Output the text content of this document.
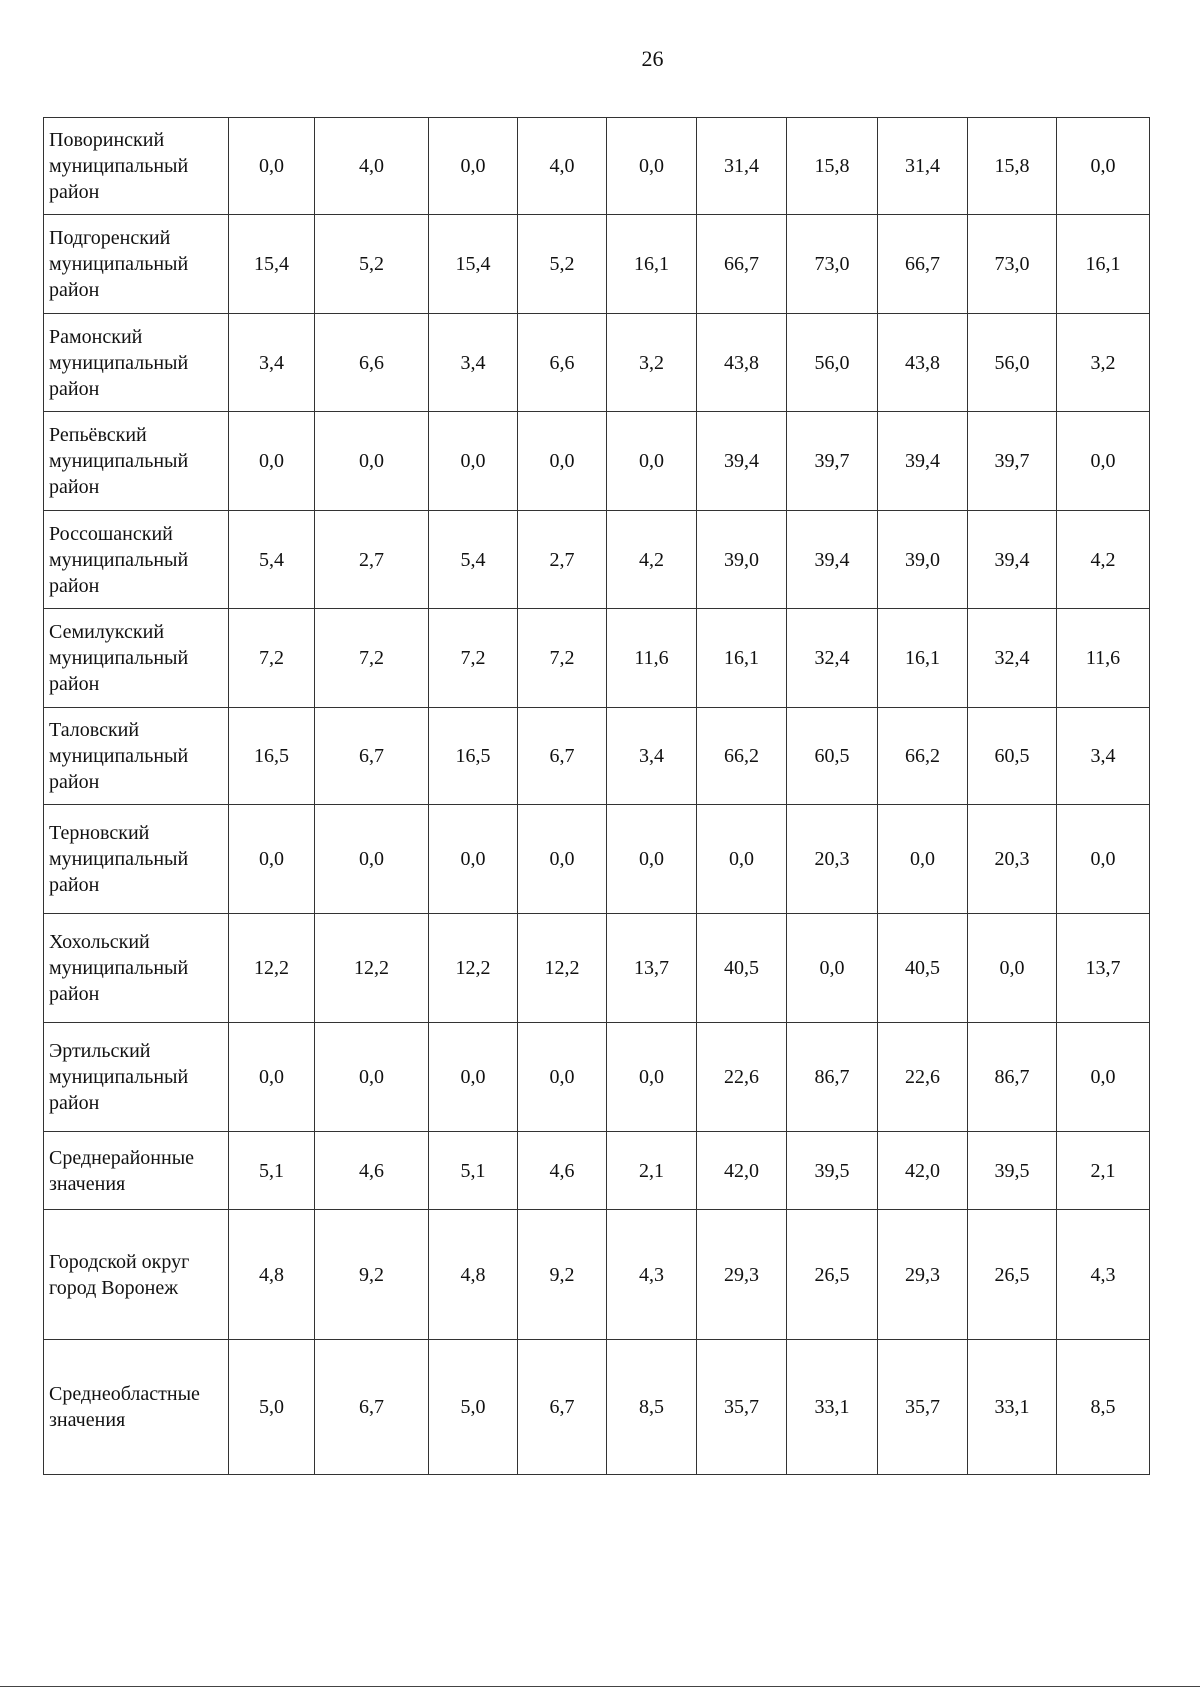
26
Поворинский муниципальный район	0,0	4,0	0,0	4,0	0,0	31,4	15,8	31,4	15,8	0,0
Подгоренский муниципальный район	15,4	5,2	15,4	5,2	16,1	66,7	73,0	66,7	73,0	16,1
Рамонский муниципальный район	3,4	6,6	3,4	6,6	3,2	43,8	56,0	43,8	56,0	3,2
Репьёвский муниципальный район	0,0	0,0	0,0	0,0	0,0	39,4	39,7	39,4	39,7	0,0
Россошанский муниципальный район	5,4	2,7	5,4	2,7	4,2	39,0	39,4	39,0	39,4	4,2
Семилукский муниципальный район	7,2	7,2	7,2	7,2	11,6	16,1	32,4	16,1	32,4	11,6
Таловский муниципальный район	16,5	6,7	16,5	6,7	3,4	66,2	60,5	66,2	60,5	3,4
Терновский муниципальный район	0,0	0,0	0,0	0,0	0,0	0,0	20,3	0,0	20,3	0,0
Хохольский муниципальный район	12,2	12,2	12,2	12,2	13,7	40,5	0,0	40,5	0,0	13,7
Эртильский муниципальный район	0,0	0,0	0,0	0,0	0,0	22,6	86,7	22,6	86,7	0,0
Среднерайонные значения	5,1	4,6	5,1	4,6	2,1	42,0	39,5	42,0	39,5	2,1
Городской округ город Воронеж	4,8	9,2	4,8	9,2	4,3	29,3	26,5	29,3	26,5	4,3
Среднеобластные значения	5,0	6,7	5,0	6,7	8,5	35,7	33,1	35,7	33,1	8,5
